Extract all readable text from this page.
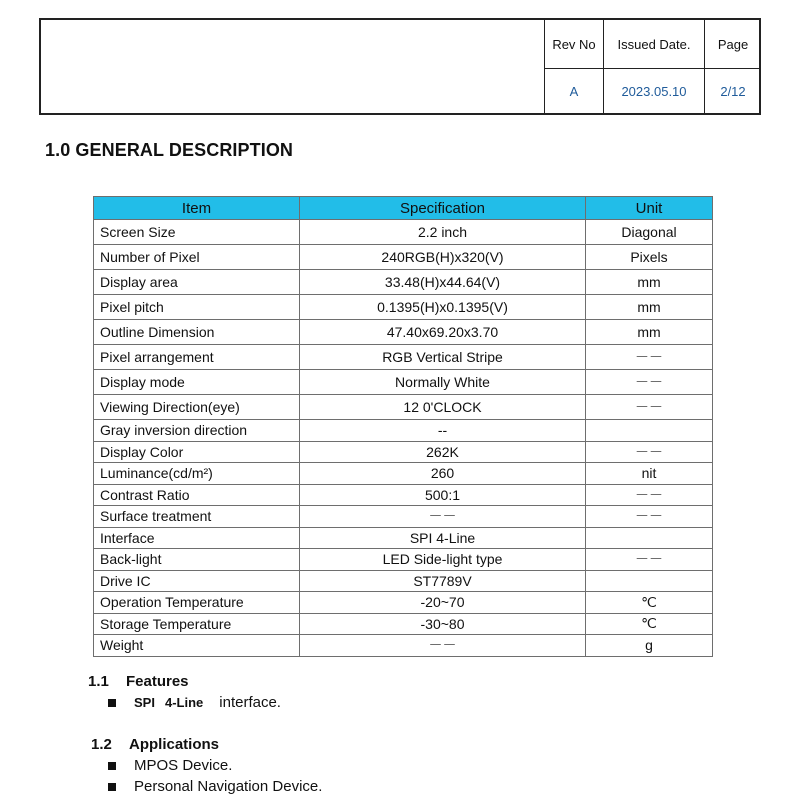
Rev No	Issued Date.	Page
A	2023.05.10	2/12
1.0 GENERAL DESCRIPTION
Item	Specification	Unit
Screen Size	2.2 inch	Diagonal
Number of Pixel	240RGB(H)x320(V)	Pixels
Display area	33.48(H)x44.64(V)	mm
Pixel pitch	0.1395(H)x0.1395(V)	mm
Outline Dimension	47.40x69.20x3.70	mm
Pixel arrangement	RGB Vertical Stripe	－－
Display mode	Normally White	－－
Viewing Direction(eye)	12 0'CLOCK	－－
Gray inversion direction	--	
Display Color	262K	－－
Luminance(cd/m²)	260	nit
Contrast Ratio	500:1	－－
Surface treatment	－－	－－
Interface	SPI 4-Line	
Back-light	LED Side-light type	－－
Drive IC	ST7789V	
Operation Temperature	-20~70	℃
Storage Temperature	-30~80	℃
Weight	－－	g
1.1 Features
SPI 4-Line interface.
1.2 Applications
MPOS Device.
Personal Navigation Device.
